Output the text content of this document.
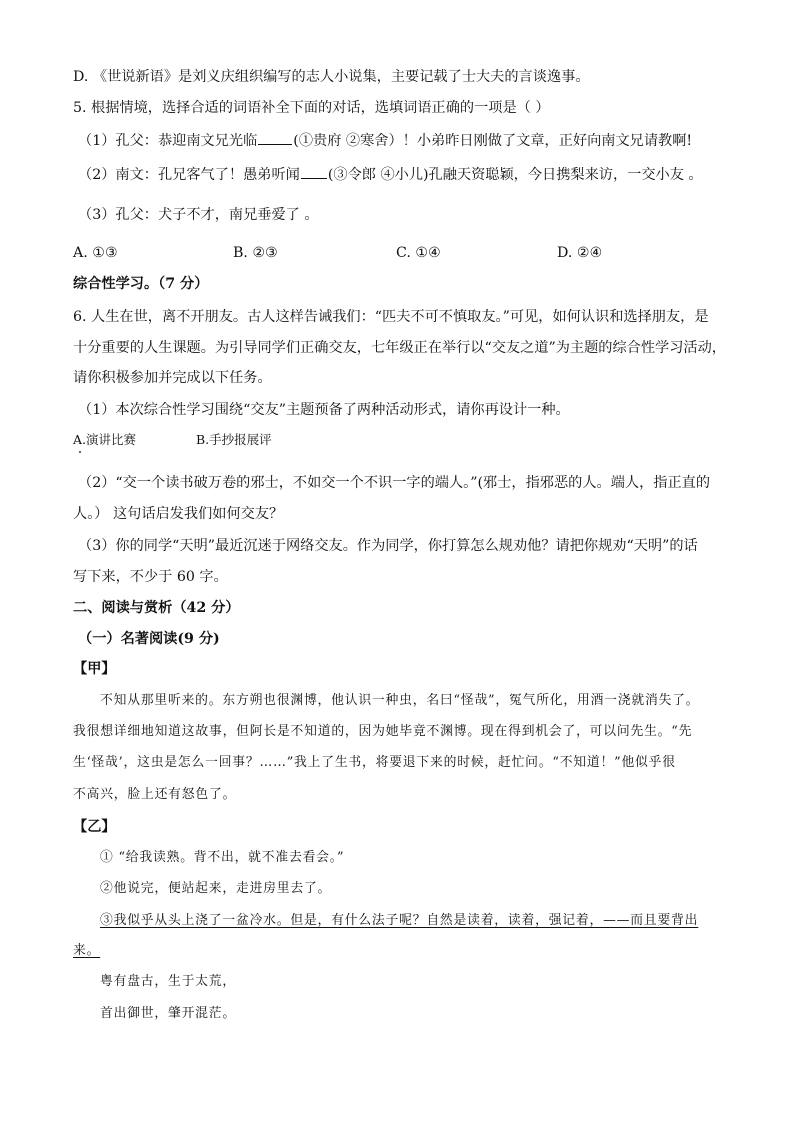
D. 《世说新语》是刘义庆组织编写的志人小说集，主要记载了士大夫的言谈逸事。
5. 根据情境，选择合适的词语补全下面的对话，选填词语正确的一项是（ ）
（1）孔父：恭迎南文兄光临	(①贵府 ②寒舍）！小弟昨日刚做了文章，正好向南文兄请教啊!
（2）南文：孔兄客气了！愚弟听闻 (③令郎 ④小儿)孔融天资聪颖，今日携梨来访，一交小友 。
（3）孔父：犬子不才，南兄垂爱了 。
A. ①③	B. ②③	C. ①④	D. ②④
综合性学习。（7 分）
6. 人生在世，离不开朋友。古人这样告诫我们：“匹夫不可不慎取友。”可见，如何认识和选择朋友，是
十分重要的人生课题。为引导同学们正确交友，七年级正在举行以“交友之道”为主题的综合性学习活动，
请你积极参加并完成以下任务。
（1）本次综合性学习围绕“交友”主题预备了两种活动形式，请你再设计一种。
A.演讲比赛	B.手抄报展评
（2）“交一个读书破万卷的邪士，不如交一个不识一字的端人。”(邪士，指邪恶的人。端人，指正直的
人。） 这句话启发我们如何交友？
（3）你的同学“天明”最近沉迷于网络交友。作为同学，你打算怎么规劝他？请把你规劝“天明”的话
写下来，不少于 60 字。
二、阅读与赏析（42 分）
（一）名著阅读(9 分)
【甲】
不知从那里听来的。东方朔也很渊博，他认识一种虫，名曰“怪哉”，冤气所化，用酒一浇就消失了。
我很想详细地知道这故事，但阿长是不知道的，因为她毕竟不渊博。现在得到机会了，可以问先生。“先
生‘怪哉’，这虫是怎么一回事？……”我上了生书，将要退下来的时候，赶忙问。“不知道！”他似乎很
不高兴，脸上还有怒色了。
【乙】
① “给我读熟。背不出，就不准去看会。”
②他说完，便站起来，走进房里去了。
③我似乎从头上浇了一盆冷水。但是，有什么法子呢？自然是读着，读着，强记着，——而且要背出
来。
粤有盘古，生于太荒，
首出御世，肇开混茫。
